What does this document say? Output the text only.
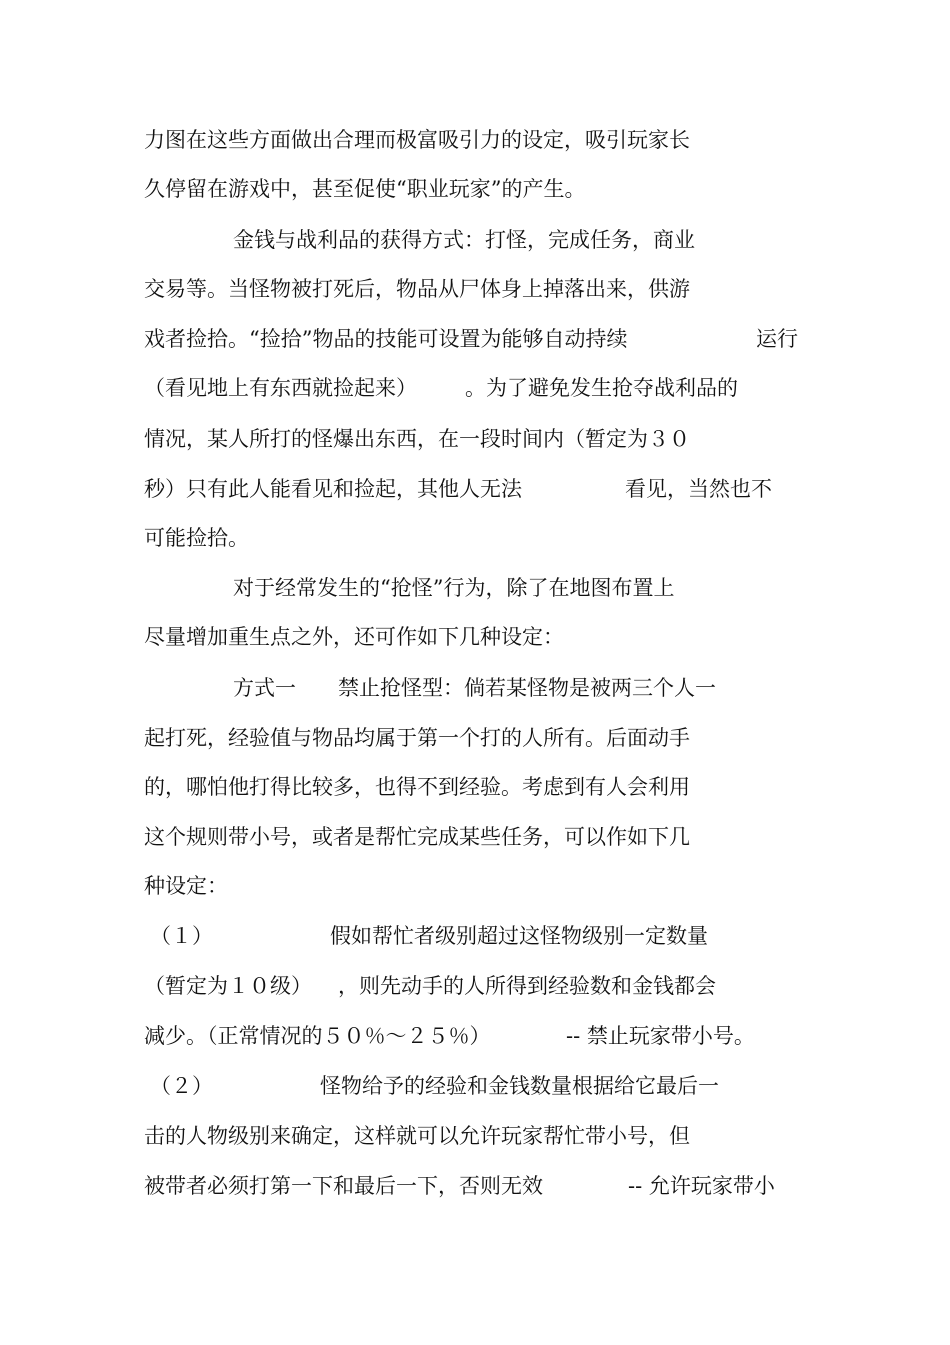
力图在这些方面做出合理而极富吸引力的设定，吸引玩家长
久停留在游戏中，甚至促使“职业玩家”的产生。
金钱与战利品的获得方式：打怪，完成任务，商业
交易等。当怪物被打死后，物品从尸体身上掉落出来，供游
戏者捡拾。“捡拾”物品的技能可设置为能够自动持续	运行
（看见地上有东西就捡起来） 。为了避免发生抢夺战利品的
情况，某人所打的怪爆出东西，在一段时间内（暂定为３０
秒）只有此人能看见和捡起，其他人无法	看见，当然也不
可能捡拾。
对于经常发生的“抢怪”行为，除了在地图布置上
尽量增加重生点之外，还可作如下几种设定：
方式一 禁止抢怪型：倘若某怪物是被两三个人一
起打死，经验值与物品均属于第一个打的人所有。后面动手
的，哪怕他打得比较多，也得不到经验。考虑到有人会利用
这个规则带小号，或者是帮忙完成某些任务，可以作如下几
种设定：
（１）	假如帮忙者级别超过这怪物级别一定数量
（暂定为１０级） ，则先动手的人所得到经验数和金钱都会
减少。（正常情况的５０％～２５％）	-- 禁止玩家带小号。
（２）	怪物给予的经验和金钱数量根据给它最后一
击的人物级别来确定，这样就可以允许玩家帮忙带小号，但
被带者必须打第一下和最后一下，否则无效	-- 允许玩家带小
